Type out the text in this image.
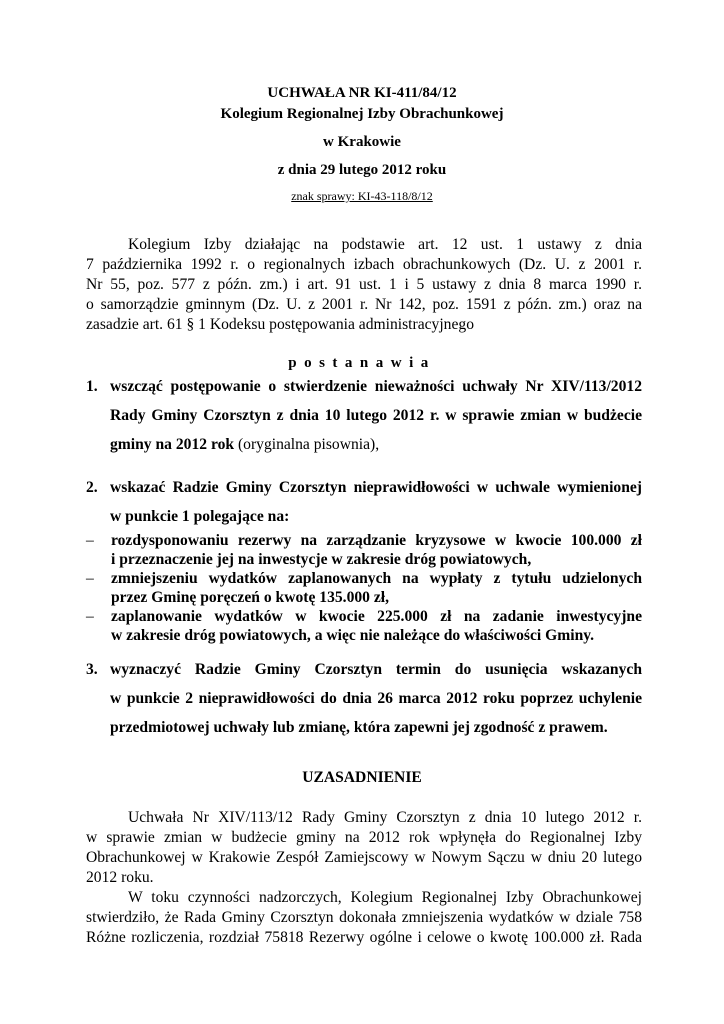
UCHWAŁA NR KI-411/84/12
Kolegium Regionalnej Izby Obrachunkowej
w Krakowie
z dnia 29 lutego 2012 roku
znak sprawy: KI-43-118/8/12
Kolegium Izby działając na podstawie art. 12 ust. 1 ustawy z dnia
7 października 1992 r. o regionalnych izbach obrachunkowych (Dz. U. z 2001 r.
Nr 55, poz. 577 z późn. zm.) i art. 91 ust. 1 i 5 ustawy z dnia 8 marca 1990 r.
o samorządzie gminnym (Dz. U. z 2001 r. Nr 142, poz. 1591 z późn. zm.) oraz na
zasadzie art. 61 § 1 Kodeksu postępowania administracyjnego
postanawia
1. wszcząć postępowanie o stwierdzenie nieważności uchwały Nr XIV/113/2012
Rady Gminy Czorsztyn z dnia 10 lutego 2012 r. w sprawie zmian w budżecie
gminy na 2012 rok (oryginalna pisownia),
2. wskazać Radzie Gminy Czorsztyn nieprawidłowości w uchwale wymienionej
w punkcie 1 polegające na:
– rozdysponowaniu rezerwy na zarządzanie kryzysowe w kwocie 100.000 zł
i przeznaczenie jej na inwestycje w zakresie dróg powiatowych,
– zmniejszeniu wydatków zaplanowanych na wypłaty z tytułu udzielonych
przez Gminę poręczeń o kwotę 135.000 zł,
– zaplanowanie wydatków w kwocie 225.000 zł na zadanie inwestycyjne
w zakresie dróg powiatowych, a więc nie należące do właściwości Gminy.
3. wyznaczyć Radzie Gminy Czorsztyn termin do usunięcia wskazanych
w punkcie 2 nieprawidłowości do dnia 26 marca 2012 roku poprzez uchylenie
przedmiotowej uchwały lub zmianę, która zapewni jej zgodność z prawem.
UZASADNIENIE
Uchwała Nr XIV/113/12 Rady Gminy Czorsztyn z dnia 10 lutego 2012 r.
w sprawie zmian w budżecie gminy na 2012 rok wpłynęła do Regionalnej Izby
Obrachunkowej w Krakowie Zespół Zamiejscowy w Nowym Sączu w dniu 20 lutego
2012 roku.
W toku czynności nadzorczych, Kolegium Regionalnej Izby Obrachunkowej
stwierdziło, że Rada Gminy Czorsztyn dokonała zmniejszenia wydatków w dziale 758
Różne rozliczenia, rozdział 75818 Rezerwy ogólne i celowe o kwotę 100.000 zł. Rada
